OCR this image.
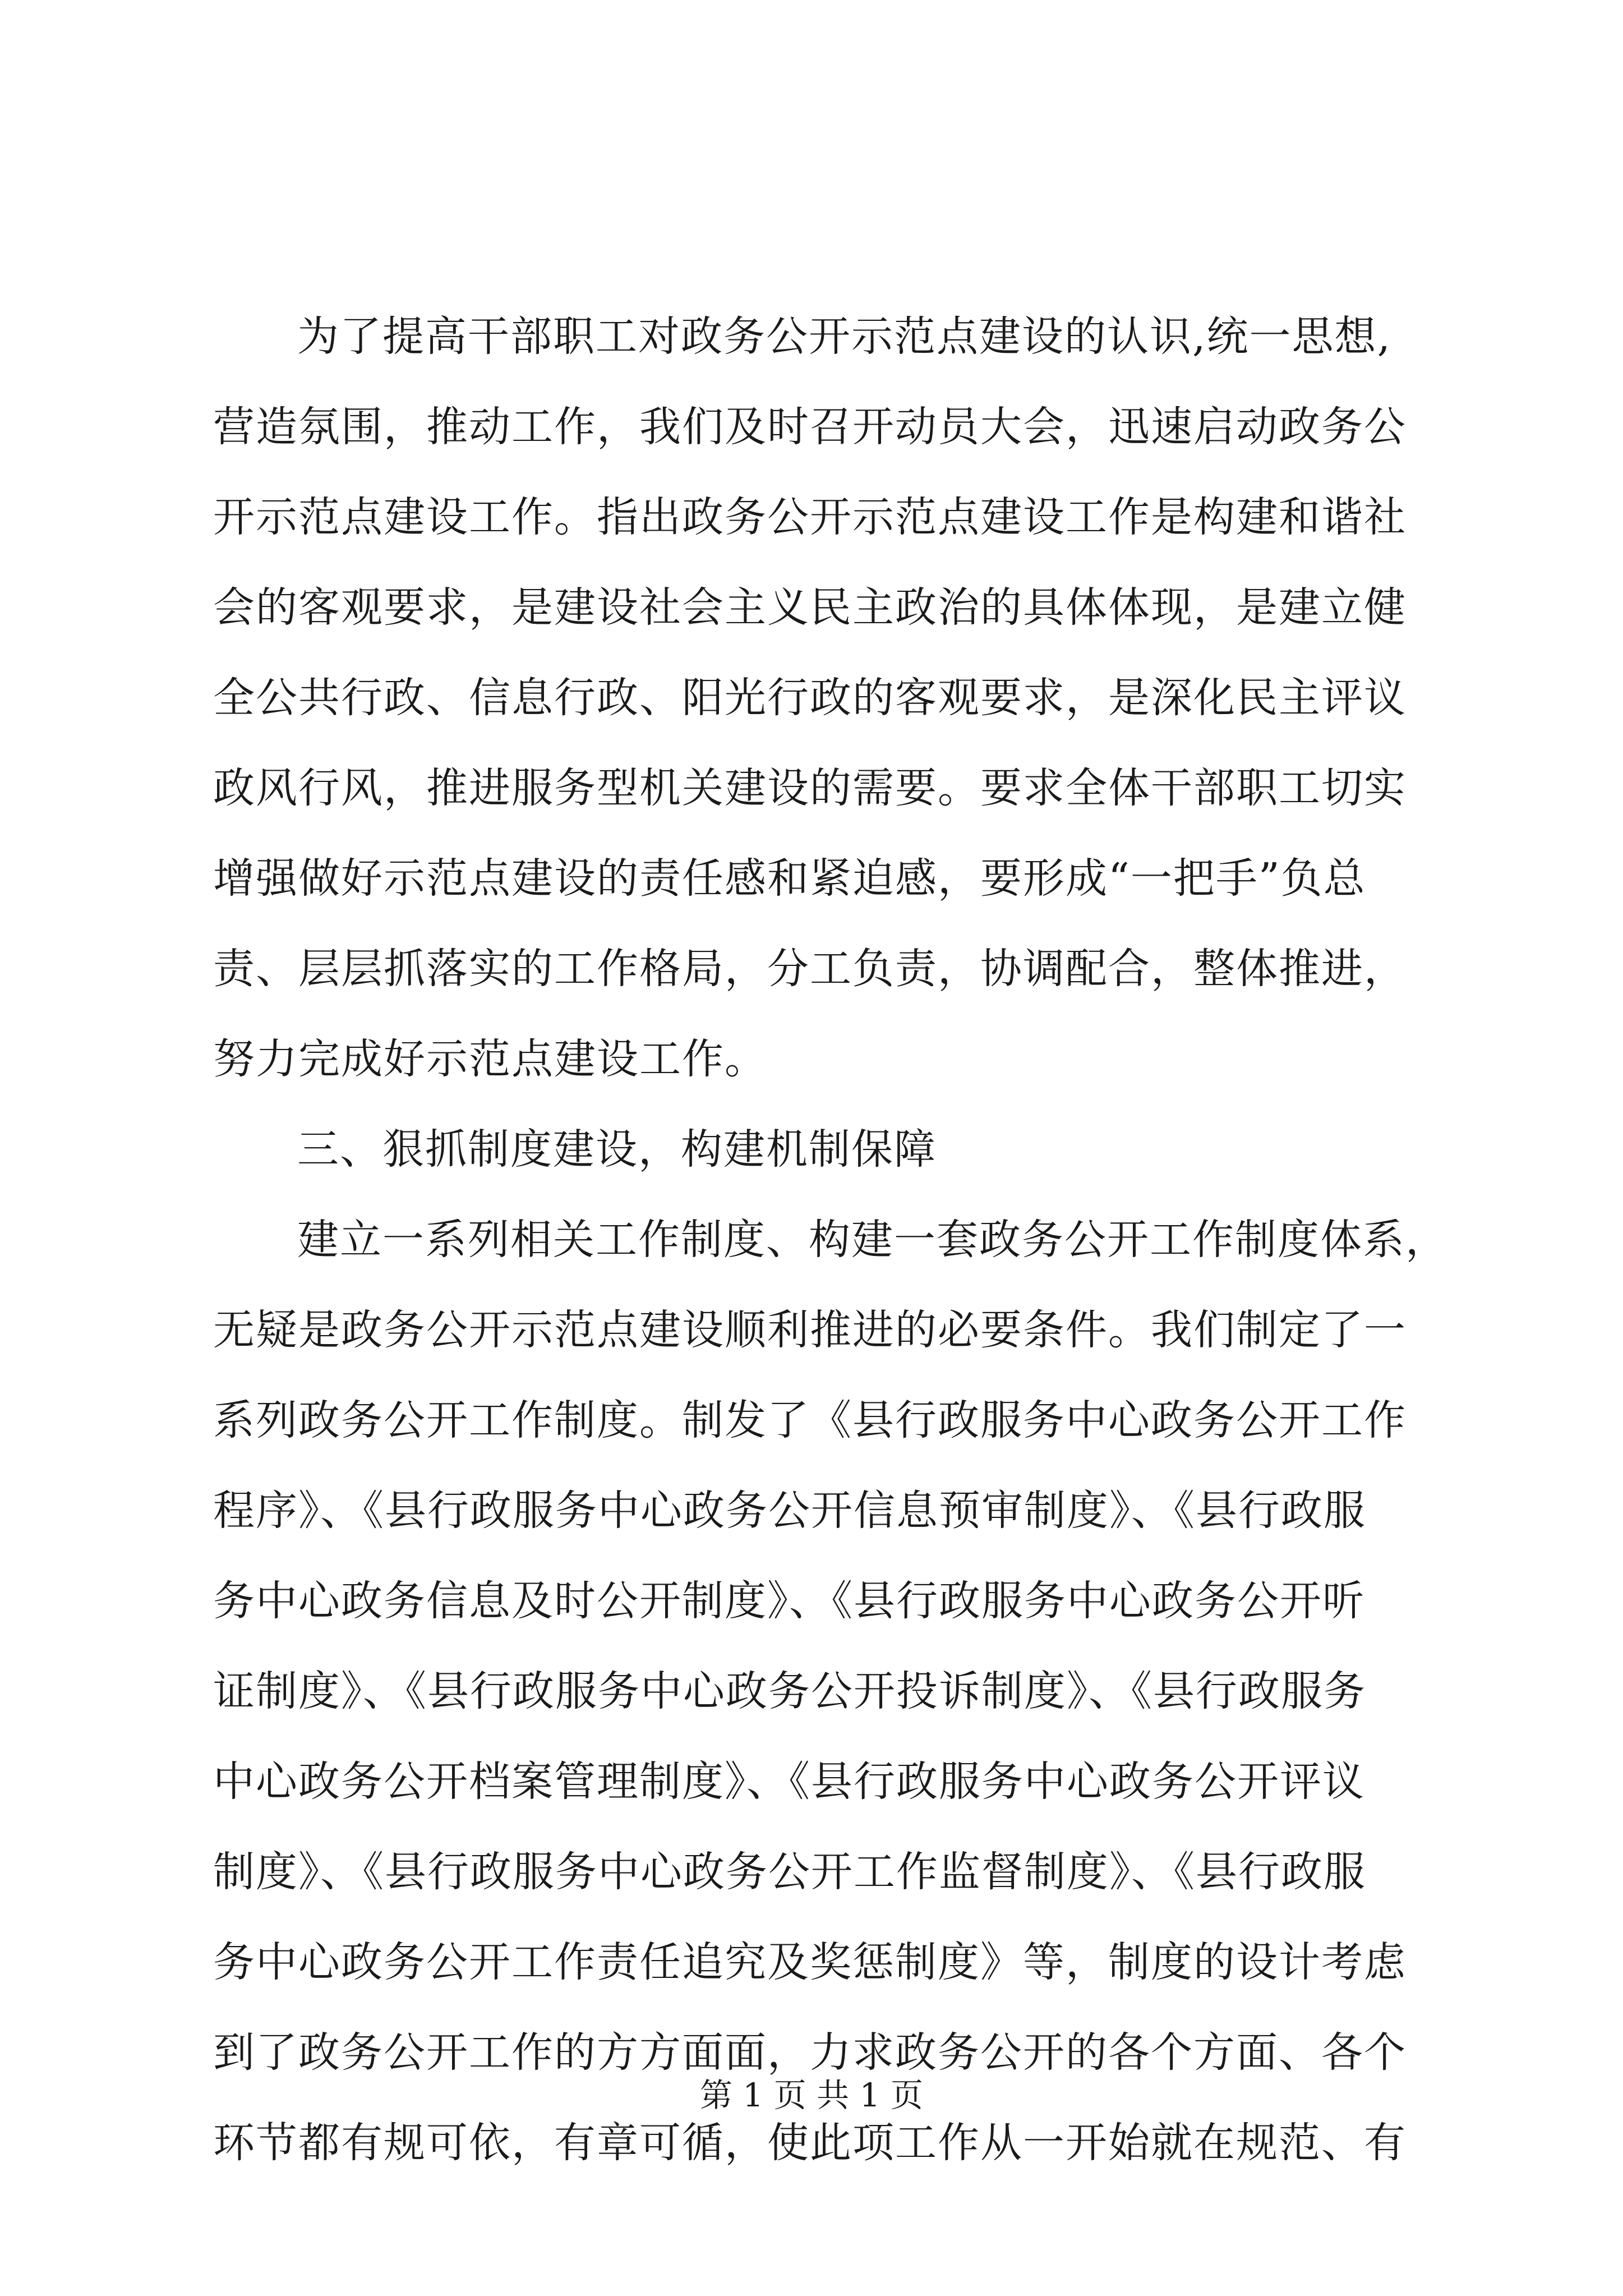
为了提高干部职工对政务公开示范点建设的认识,统一思想,
营造氛围，推动工作，我们及时召开动员大会，迅速启动政务公
开示范点建设工作。指出政务公开示范点建设工作是构建和谐社
会的客观要求，是建设社会主义民主政治的具体体现，是建立健
全公共行政、信息行政、阳光行政的客观要求，是深化民主评议
政风行风，推进服务型机关建设的需要。要求全体干部职工切实
增强做好示范点建设的责任感和紧迫感，要形成“一把手”负总
责、层层抓落实的工作格局，分工负责，协调配合，整体推进，
努力完成好示范点建设工作。
三、狠抓制度建设，构建机制保障
建立一系列相关工作制度、构建一套政务公开工作制度体系，
无疑是政务公开示范点建设顺利推进的必要条件。我们制定了一
系列政务公开工作制度。制发了《县行政服务中心政务公开工作
程序》、《县行政服务中心政务公开信息预审制度》、《县行政服
务中心政务信息及时公开制度》、《县行政服务中心政务公开听
证制度》、《县行政服务中心政务公开投诉制度》、《县行政服务
中心政务公开档案管理制度》、《县行政服务中心政务公开评议
制度》、《县行政服务中心政务公开工作监督制度》、《县行政服
务中心政务公开工作责任追究及奖惩制度》等，制度的设计考虑
到了政务公开工作的方方面面，力求政务公开的各个方面、各个
环节都有规可依，有章可循，使此项工作从一开始就在规范、有
第 1 页 共 1 页
